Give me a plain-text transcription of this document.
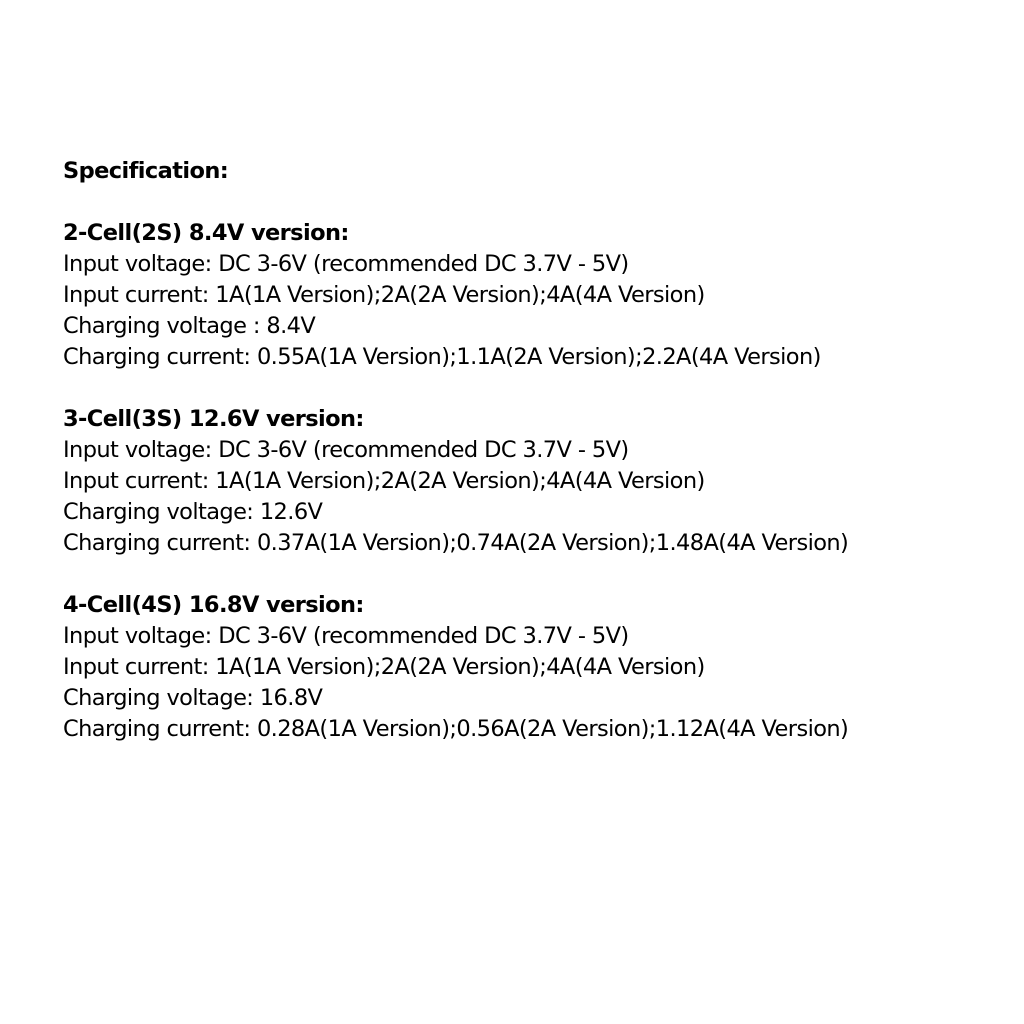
Specification:
2-Cell(2S) 8.4V version:
Input voltage: DC 3-6V (recommended DC 3.7V - 5V)
Input current: 1A(1A Version);2A(2A Version);4A(4A Version)
Charging voltage : 8.4V
Charging current: 0.55A(1A Version);1.1A(2A Version);2.2A(4A Version)
3-Cell(3S) 12.6V version:
Input voltage: DC 3-6V (recommended DC 3.7V - 5V)
Input current: 1A(1A Version);2A(2A Version);4A(4A Version)
Charging voltage: 12.6V
Charging current: 0.37A(1A Version);0.74A(2A Version);1.48A(4A Version)
4-Cell(4S) 16.8V version:
Input voltage: DC 3-6V (recommended DC 3.7V - 5V)
Input current: 1A(1A Version);2A(2A Version);4A(4A Version)
Charging voltage: 16.8V
Charging current: 0.28A(1A Version);0.56A(2A Version);1.12A(4A Version)
